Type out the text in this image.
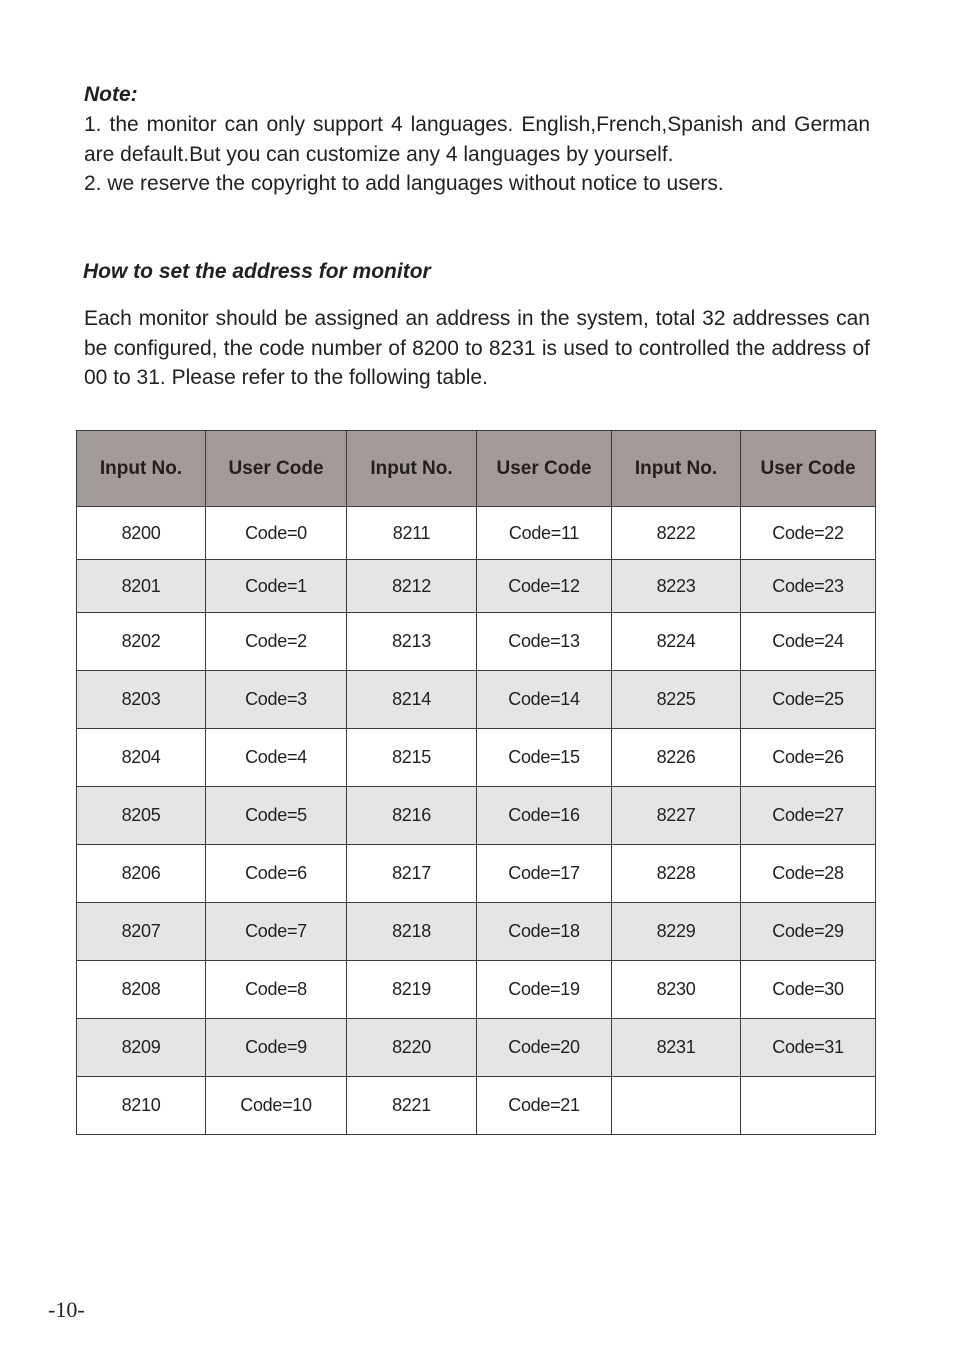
Note:

1. the monitor can only support 4 languages. English,French,Spanish and German are default.But you can customize any 4 languages by yourself.

2. we reserve the copyright to add languages without notice to users.

How to set the address for monitor

Each monitor should be assigned an address in the system, total 32 addresses can be configured, the code number of 8200 to 8231 is used to controlled the address of 00 to 31. Please refer to the following table.

Input No.	User Code	Input No.	User Code	Input No.	User Code
8200	Code=0	8211	Code=11	8222	Code=22
8201	Code=1	8212	Code=12	8223	Code=23
8202	Code=2	8213	Code=13	8224	Code=24
8203	Code=3	8214	Code=14	8225	Code=25
8204	Code=4	8215	Code=15	8226	Code=26
8205	Code=5	8216	Code=16	8227	Code=27
8206	Code=6	8217	Code=17	8228	Code=28
8207	Code=7	8218	Code=18	8229	Code=29
8208	Code=8	8219	Code=19	8230	Code=30
8209	Code=9	8220	Code=20	8231	Code=31
8210	Code=10	8221	Code=21		
-10-
